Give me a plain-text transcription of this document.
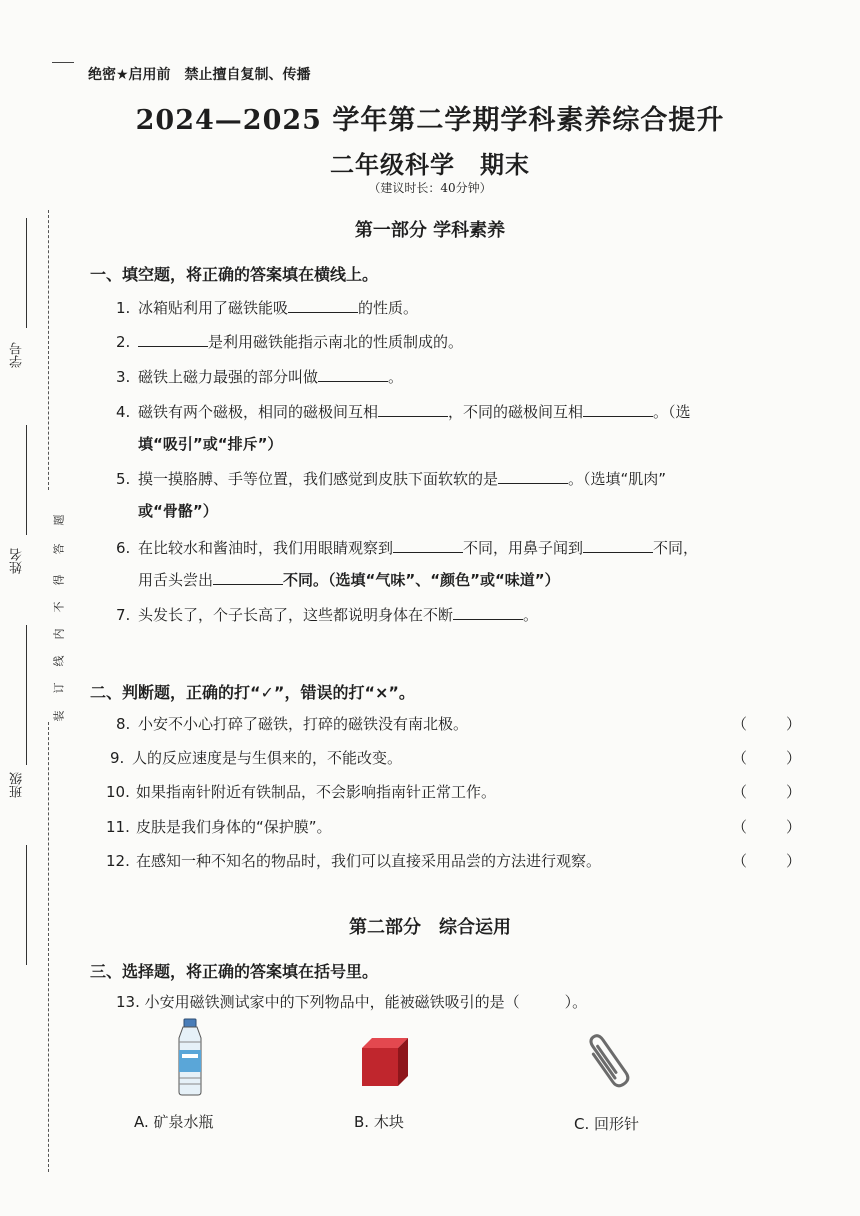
学号
姓名
班级
装
订
线
内
不
得
答
题
绝密★启用前　禁止擅自复制、传播
2024—2025 学年第二学期学科素养综合提升
二年级科学　期末
（建议时长：40分钟）
第一部分 学科素养
一、填空题，将正确的答案填在横线上。
1. 冰箱贴利用了磁铁能吸	的性质。
2.	是利用磁铁能指示南北的性质制成的。
3. 磁铁上磁力最强的部分叫做	。
4. 磁铁有两个磁极，相同的磁极间互相	，不同的磁极间互相	。（选
填“吸引”或“排斥”）
5. 摸一摸胳膊、手等位置，我们感觉到皮肤下面软软的是	。（选填“肌肉”
或“骨骼”）
6. 在比较水和酱油时，我们用眼睛观察到	不同，用鼻子闻到	不同，
用舌头尝出	不同。（选填“气味”、“颜色”或“味道”）
7. 头发长了，个子长高了，这些都说明身体在不断	。
二、判断题，正确的打“✓”，错误的打“×”。
8. 小安不小心打碎了磁铁，打碎的磁铁没有南北极。	（	）
9. 人的反应速度是与生俱来的，不能改变。	（	）
10. 如果指南针附近有铁制品，不会影响指南针正常工作。	（	）
11. 皮肤是我们身体的“保护膜”。	（	）
12. 在感知一种不知名的物品时，我们可以直接采用品尝的方法进行观察。	（	）
第二部分　综合运用
三、选择题，将正确的答案填在括号里。
13. 小安用磁铁测试家中的下列物品中，能被磁铁吸引的是（　　　）。
A. 矿泉水瓶	B. 木块	C. 回形针
